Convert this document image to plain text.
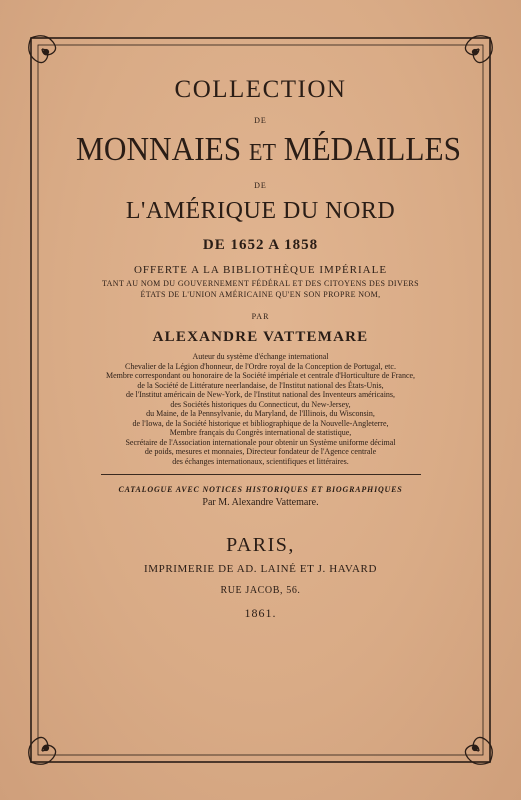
COLLECTION
DE
MONNAIES ET MÉDAILLES
DE
L'AMÉRIQUE DU NORD
DE 1652 A 1858
OFFERTE A LA BIBLIOTHÈQUE IMPÉRIALE
TANT AU NOM DU GOUVERNEMENT FÉDÉRAL ET DES CITOYENS DES DIVERS
ÉTATS DE L'UNION AMÉRICAINE QU'EN SON PROPRE NOM,
PAR
ALEXANDRE VATTEMARE
Auteur du système d'échange international
Chevalier de la Légion d'honneur, de l'Ordre royal de la Conception de Portugal, etc.
Membre correspondant ou honoraire de la Société impériale et centrale d'Horticulture de France,
de la Société de Littérature neerlandaise, de l'Institut national des États-Unis,
de l'Institut américain de New-York, de l'Institut national des Inventeurs américains,
des Sociétés historiques du Connecticut, du New-Jersey,
du Maine, de la Pennsylvanie, du Maryland, de l'Illinois, du Wisconsin,
de l'Iowa, de la Société historique et bibliographique de la Nouvelle-Angleterre,
Membre français du Congrès international de statistique,
Secrétaire de l'Association internationale pour obtenir un Système uniforme décimal
de poids, mesures et monnaies, Directeur fondateur de l'Agence centrale
des échanges internationaux, scientifiques et littéraires.
CATALOGUE AVEC NOTICES HISTORIQUES ET BIOGRAPHIQUES
Par M. Alexandre Vattemare.
PARIS,
IMPRIMERIE DE AD. LAINÉ ET J. HAVARD
RUE JACOB, 56.
1861.
